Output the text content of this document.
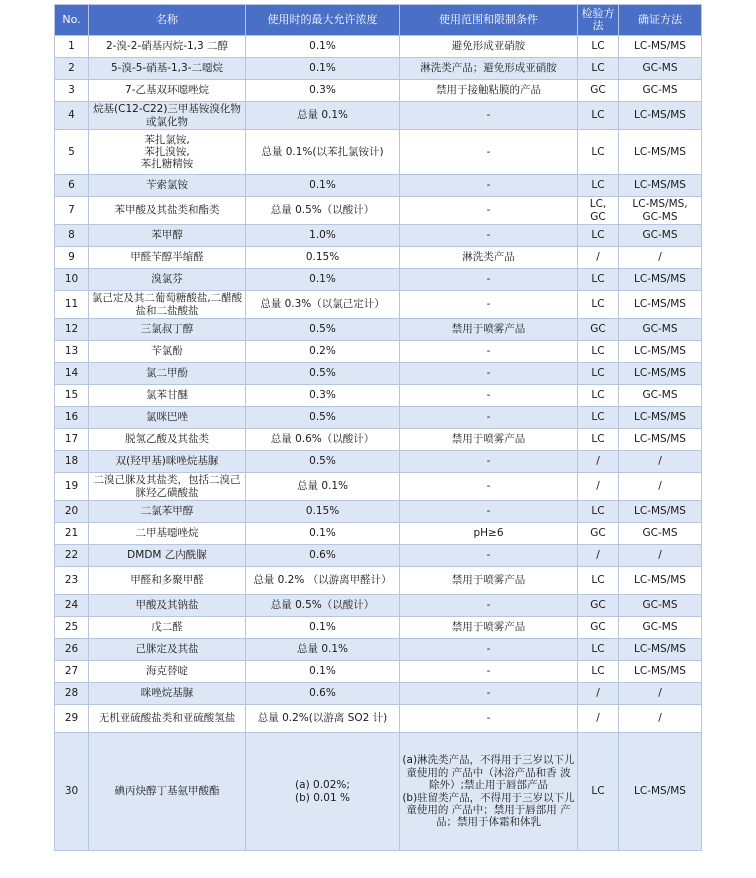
No.	名称	使用时的最大允许浓度	使用范围和限制条件	检验方法	确证方法
1	2-溴-2-硝基丙烷-1,3 二醇	0.1%	避免形成亚硝胺	LC	LC-MS/MS
2	5-溴-5-硝基-1,3-二噁烷	0.1%	淋洗类产品；避免形成亚硝胺	LC	GC-MS
3	7-乙基双环噁唑烷	0.3%	禁用于接触粘膜的产品	GC	GC-MS
4	烷基(C12-C22)三甲基铵溴化物或氯化物	总量 0.1%	-	LC	LC-MS/MS
5	苯扎氯铵,
苯扎溴铵,
苯扎糖精铵	总量 0.1%(以苯扎氯铵计)	-	LC	LC-MS/MS
6	苄索氯铵	0.1%	-	LC	LC-MS/MS
7	苯甲酸及其盐类和酯类	总量 0.5%（以酸计）	-	LC,
GC	LC-MS/MS,
GC-MS
8	苯甲醇	1.0%	-	LC	GC-MS
9	甲醛苄醇半缩醛	0.15%	淋洗类产品	/	/
10	溴氯芬	0.1%	-	LC	LC-MS/MS
11	氯己定及其二葡萄糖酸盐,二醋酸盐和二盐酸盐	总量 0.3%（以氯己定计）	-	LC	LC-MS/MS
12	三氯叔丁醇	0.5%	禁用于喷雾产品	GC	GC-MS
13	苄氯酚	0.2%	-	LC	LC-MS/MS
14	氯二甲酚	0.5%	-	LC	LC-MS/MS
15	氯苯甘醚	0.3%	-	LC	GC-MS
16	氯咪巴唑	0.5%	-	LC	LC-MS/MS
17	脱氢乙酸及其盐类	总量 0.6%（以酸计）	禁用于喷雾产品	LC	LC-MS/MS
18	双(羟甲基)咪唑烷基脲	0.5%	-	/	/
19	二溴己脒及其盐类，包括二溴己脒羟乙磺酸盐	总量 0.1%	-	/	/
20	二氯苯甲醇	0.15%	-	LC	LC-MS/MS
21	二甲基噁唑烷	0.1%	pH≥6	GC	GC-MS
22	DMDM 乙内酰脲	0.6%	-	/	/
23	甲醛和多聚甲醛	总量 0.2% （以游离甲醛计）	禁用于喷雾产品	LC	LC-MS/MS
24	甲酸及其钠盐	总量 0.5%（以酸计）	-	GC	GC-MS
25	戊二醛	0.1%	禁用于喷雾产品	GC	GC-MS
26	己脒定及其盐	总量 0.1%	-	LC	LC-MS/MS
27	海克替啶	0.1%	-	LC	LC-MS/MS
28	咪唑烷基脲	0.6%	-	/	/
29	无机亚硫酸盐类和亚硫酸氢盐	总量 0.2%(以游离 SO2 计)	-	/	/
30	碘丙炔醇丁基氨甲酸酯	(a) 0.02%;
(b) 0.01 %	(a)淋洗类产品，不得用于三岁以下儿童使用的 产品中（沐浴产品和香 波除外）;禁止用于唇部产品
(b)驻留类产品，不得用于三岁以下儿童使用的 产品中；禁用于唇部用 产品；禁用于体霜和体乳	LC	LC-MS/MS
